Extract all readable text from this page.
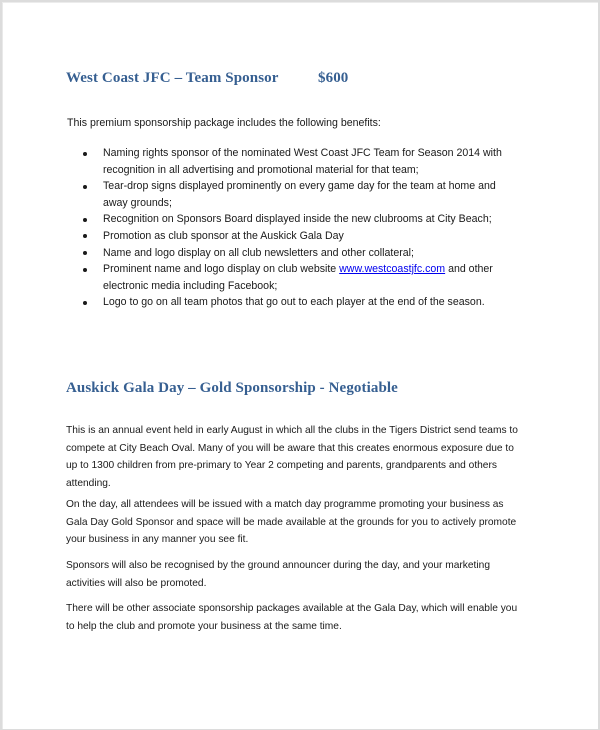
West Coast JFC – Team Sponsor	$600
This premium sponsorship package includes the following benefits:
Naming rights sponsor of the nominated West Coast JFC Team for Season 2014 with
recognition in all advertising and promotional material for that team;
Tear-drop signs displayed prominently on every game day for the team at home and
away grounds;
Recognition on Sponsors Board displayed inside the new clubrooms at City Beach;
Promotion as club sponsor at the Auskick Gala Day
Name and logo display on all club newsletters and other collateral;
Prominent name and logo display on club website www.westcoastjfc.com and other
electronic media including Facebook;
Logo to go on all team photos that go out to each player at the end of the season.
Auskick Gala Day – Gold Sponsorship - Negotiable
This is an annual event held in early August in which all the clubs in the Tigers District send teams to
compete at City Beach Oval. Many of you will be aware that this creates enormous exposure due to
up to 1300 children from pre-primary to Year 2 competing and parents, grandparents and others
attending.
On the day, all attendees will be issued with a match day programme promoting your business as
Gala Day Gold Sponsor and space will be made available at the grounds for you to actively promote
your business in any manner you see fit.
Sponsors will also be recognised by the ground announcer during the day, and your marketing
activities will also be promoted.
There will be other associate sponsorship packages available at the Gala Day, which will enable you
to help the club and promote your business at the same time.
